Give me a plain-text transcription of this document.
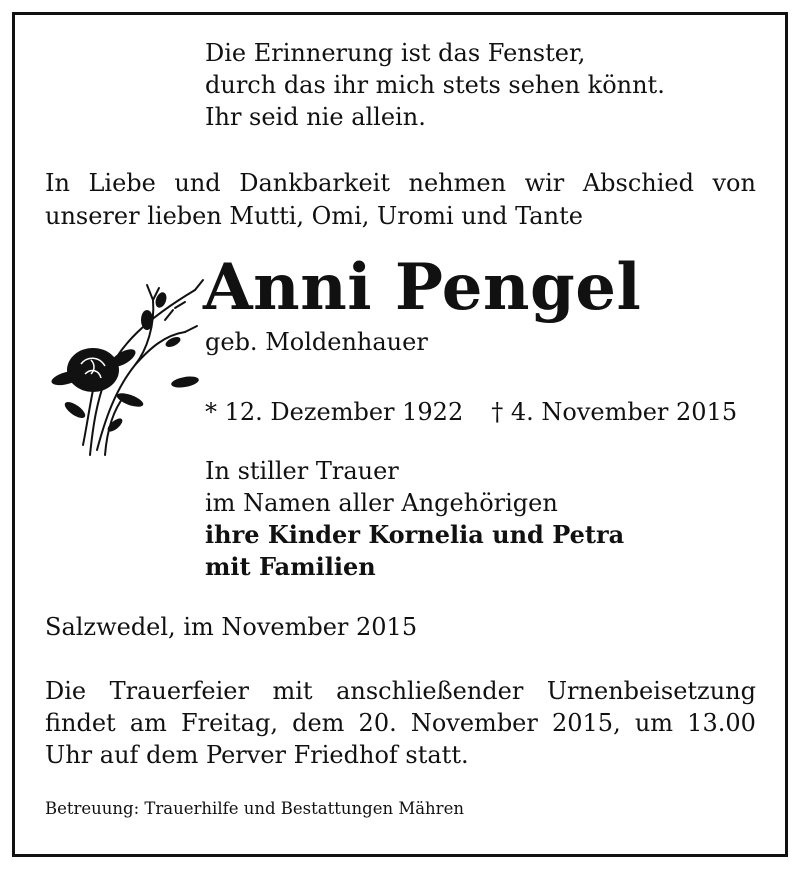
Die Erinnerung ist das Fenster,
durch das ihr mich stets sehen könnt.
Ihr seid nie allein.
In Liebe und Dankbarkeit nehmen wir Abschied von
unserer lieben Mutti, Omi, Uromi und Tante
Anni Pengel
geb. Moldenhauer
* 12. Dezember 1922 † 4. November 2015
In stiller Trauer
im Namen aller Angehörigen
ihre Kinder Kornelia und Petra
mit Familien
Salzwedel, im November 2015
Die Trauerfeier mit anschließender Urnenbeisetzung
findet am Freitag, dem 20. November 2015, um 13.00
Uhr auf dem Perver Friedhof statt.
Betreuung: Trauerhilfe und Bestattungen Mähren
